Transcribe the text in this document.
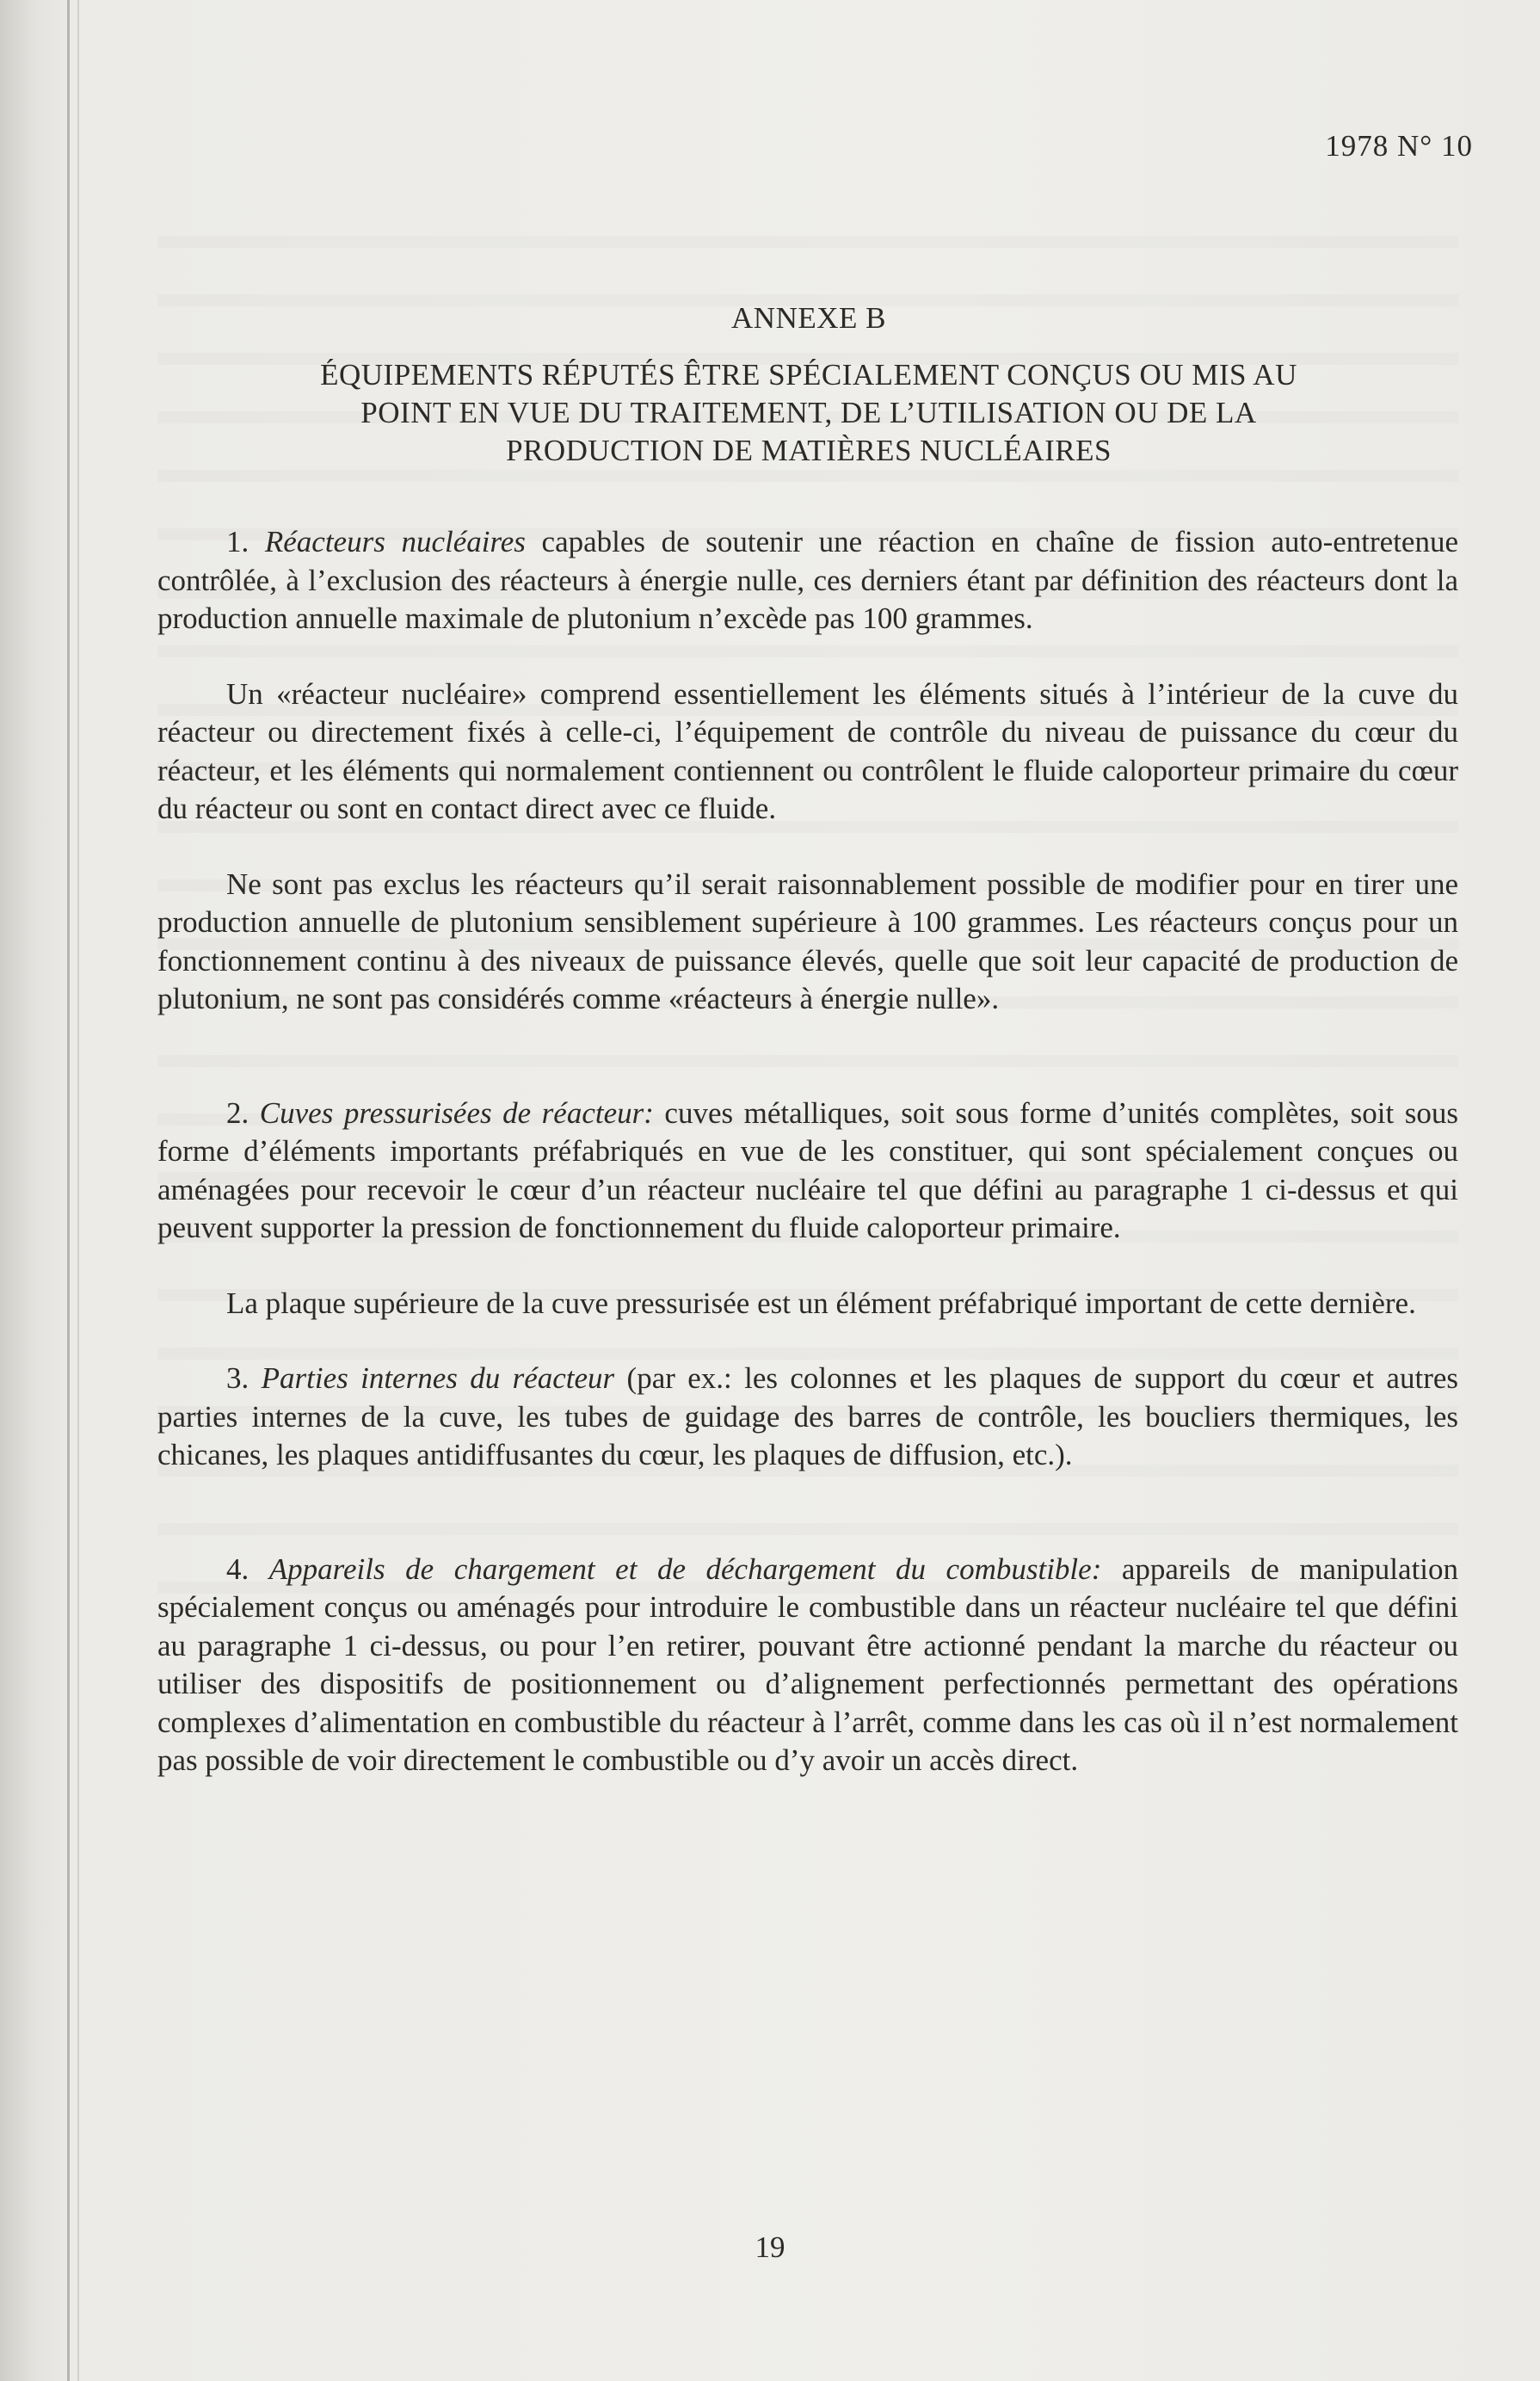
1978 N° 10
ANNEXE B
ÉQUIPEMENTS RÉPUTÉS ÊTRE SPÉCIALEMENT CONÇUS OU MIS AU
POINT EN VUE DU TRAITEMENT, DE L’UTILISATION OU DE LA
PRODUCTION DE MATIÈRES NUCLÉAIRES

1. Réacteurs nucléaires capables de soutenir une réaction en chaîne de fission auto-entretenue contrôlée, à l’exclusion des réacteurs à énergie nulle, ces derniers étant par définition des réacteurs dont la production annuelle maximale de plutonium n’excède pas 100 grammes.

Un «réacteur nucléaire» comprend essentiellement les éléments situés à l’intérieur de la cuve du réacteur ou directement fixés à celle-ci, l’équipement de contrôle du niveau de puissance du cœur du réacteur, et les éléments qui normalement contiennent ou contrôlent le fluide caloporteur primaire du cœur du réacteur ou sont en contact direct avec ce fluide.

Ne sont pas exclus les réacteurs qu’il serait raisonnablement possible de modifier pour en tirer une production annuelle de plutonium sensiblement supérieure à 100 grammes. Les réacteurs conçus pour un fonctionnement continu à des niveaux de puissance élevés, quelle que soit leur capacité de production de plutonium, ne sont pas considérés comme «réacteurs à énergie nulle».

2. Cuves pressurisées de réacteur: cuves métalliques, soit sous forme d’unités complètes, soit sous forme d’éléments importants préfabriqués en vue de les constituer, qui sont spécialement conçues ou aménagées pour recevoir le cœur d’un réacteur nucléaire tel que défini au paragraphe 1 ci-dessus et qui peuvent supporter la pression de fonctionnement du fluide caloporteur primaire.

La plaque supérieure de la cuve pressurisée est un élément préfabriqué important de cette dernière.

3. Parties internes du réacteur (par ex.: les colonnes et les plaques de support du cœur et autres parties internes de la cuve, les tubes de guidage des barres de contrôle, les boucliers thermiques, les chicanes, les plaques antidiffusantes du cœur, les plaques de diffusion, etc.).

4. Appareils de chargement et de déchargement du combustible: appareils de manipulation spécialement conçus ou aménagés pour introduire le combustible dans un réacteur nucléaire tel que défini au paragraphe 1 ci-dessus, ou pour l’en retirer, pouvant être actionné pendant la marche du réacteur ou utiliser des dispositifs de positionnement ou d’alignement perfectionnés permettant des opérations complexes d’alimentation en combustible du réacteur à l’arrêt, comme dans les cas où il n’est normalement pas possible de voir directement le combustible ou d’y avoir un accès direct.

19
